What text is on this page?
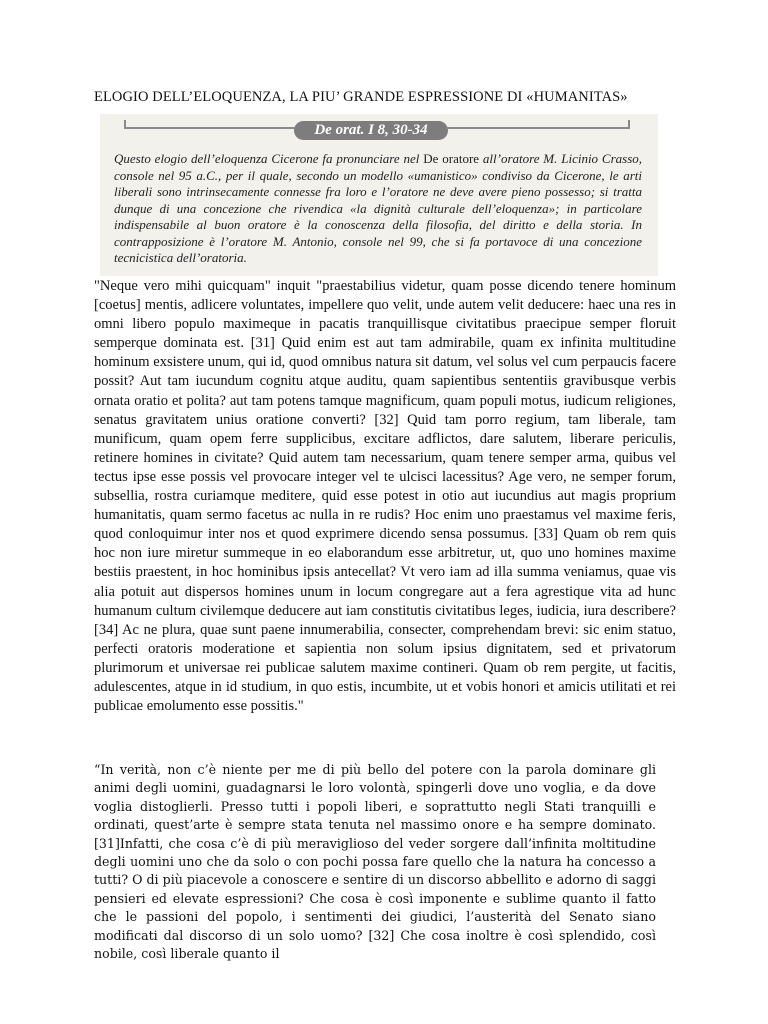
ELOGIO DELL’ELOQUENZA, LA PIU’ GRANDE ESPRESSIONE DI «HUMANITAS»
De orat. I 8, 30-34
Questo elogio dell’eloquenza Cicerone fa pronunciare nel De oratore all’oratore M. Licinio Crasso, console nel 95 a.C., per il quale, secondo un modello «umanistico» condiviso da Cicerone, le arti liberali sono intrinsecamente connesse fra loro e l’oratore ne deve avere pieno possesso; si tratta dunque di una concezione che rivendica «la dignità culturale dell’eloquenza»; in particolare indispensabile al buon oratore è la conoscenza della filosofia, del diritto e della storia. In contrapposizione è l’oratore M. Antonio, console nel 99, che si fa portavoce di una concezione tecnicistica dell’oratoria.

"Neque vero mihi quicquam" inquit "praestabilius videtur, quam posse dicendo tenere hominum [coetus] mentis, adlicere voluntates, impellere quo velit, unde autem velit deducere: haec una res in omni libero populo maximeque in pacatis tranquillisque civitatibus praecipue semper floruit semperque dominata est. [31] Quid enim est aut tam admirabile, quam ex infinita multitudine hominum exsistere unum, qui id, quod omnibus natura sit datum, vel solus vel cum perpaucis facere possit? Aut tam iucundum cognitu atque auditu, quam sapientibus sententiis gravibusque verbis ornata oratio et polita? aut tam potens tamque magnificum, quam populi motus, iudicum religiones, senatus gravitatem unius oratione converti? [32] Quid tam porro regium, tam liberale, tam munificum, quam opem ferre supplicibus, excitare adflictos, dare salutem, liberare periculis, retinere homines in civitate? Quid autem tam necessarium, quam tenere semper arma, quibus vel tectus ipse esse possis vel provocare integer vel te ulcisci lacessitus? Age vero, ne semper forum, subsellia, rostra curiamque meditere, quid esse potest in otio aut iucundius aut magis proprium humanitatis, quam sermo facetus ac nulla in re rudis? Hoc enim uno praestamus vel maxime feris, quod conloquimur inter nos et quod exprimere dicendo sensa possumus. [33] Quam ob rem quis hoc non iure miretur summeque in eo elaborandum esse arbitretur, ut, quo uno homines maxime bestiis praestent, in hoc hominibus ipsis antecellat? Vt vero iam ad illa summa veniamus, quae vis alia potuit aut dispersos homines unum in locum congregare aut a fera agrestique vita ad hunc humanum cultum civilemque deducere aut iam constitutis civitatibus leges, iudicia, iura describere? [34] Ac ne plura, quae sunt paene innumerabilia, consecter, comprehendam brevi: sic enim statuo, perfecti oratoris moderatione et sapientia non solum ipsius dignitatem, sed et privatorum plurimorum et universae rei publicae salutem maxime contineri. Quam ob rem pergite, ut facitis, adulescentes, atque in id studium, in quo estis, incumbite, ut et vobis honori et amicis utilitati et rei publicae emolumento esse possitis."

“In verità, non c’è niente per me di più bello del potere con la parola dominare gli animi degli uomini, guadagnarsi le loro volontà, spingerli dove uno voglia, e da dove voglia distoglierli. Presso tutti i popoli liberi, e soprattutto negli Stati tranquilli e ordinati, quest’arte è sempre stata tenuta nel massimo onore e ha sempre dominato. [31]Infatti, che cosa c’è di più meraviglioso del veder sorgere dall’infinita moltitudine degli uomini uno che da solo o con pochi possa fare quello che la natura ha concesso a tutti? O di più piacevole a conoscere e sentire di un discorso abbellito e adorno di saggi pensieri ed elevate espressioni? Che cosa è così imponente e sublime quanto il fatto che le passioni del popolo, i sentimenti dei giudici, l’austerità del Senato siano modificati dal discorso di un solo uomo? [32] Che cosa inoltre è così splendido, così nobile, così liberale quanto il
